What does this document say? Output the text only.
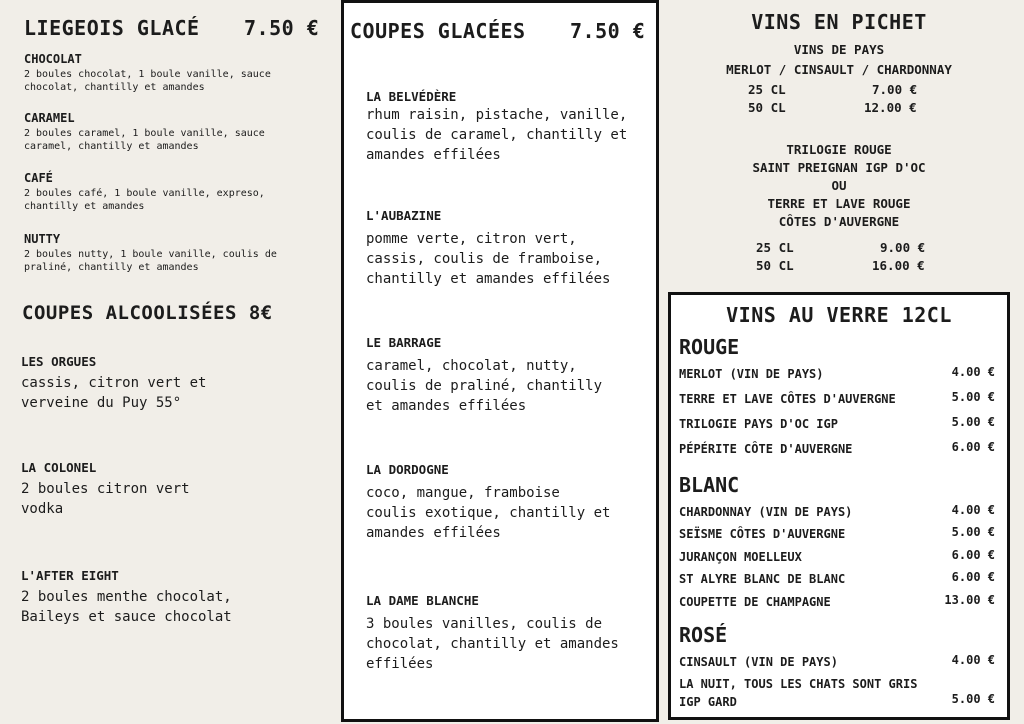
LIEGEOIS GLACÉ 7.50 €
CHOCOLAT
2 boules chocolat, 1 boule vanille, sauce chocolat, chantilly et amandes
CARAMEL
2 boules caramel, 1 boule vanille, sauce caramel, chantilly et amandes
CAFÉ
2 boules café, 1 boule vanille, expreso, chantilly et amandes
NUTTY
2 boules nutty, 1 boule vanille, coulis de praliné, chantilly et amandes
COUPES ALCOOLISÉES 8€
LES ORGUES
cassis, citron vert et verveine du Puy 55°
LA COLONEL
2 boules citron vert vodka
L'AFTER EIGHT
2 boules menthe chocolat, Baileys et sauce chocolat
COUPES GLACÉES 7.50 €
LA BELVÉDÈRE
rhum raisin, pistache, vanille, coulis de caramel, chantilly et amandes effilées
L'AUBAZINE
pomme verte, citron vert, cassis, coulis de framboise, chantilly et amandes effilées
LE BARRAGE
caramel, chocolat, nutty, coulis de praliné, chantilly et amandes effilées
LA DORDOGNE
coco, mangue, framboise coulis exotique, chantilly et amandes effilées
LA DAME BLANCHE
3 boules vanilles, coulis de chocolat, chantilly et amandes effilées
VINS EN PICHET
VINS DE PAYS
MERLOT / CINSAULT / CHARDONNAY
25 CL	7.00 €
50 CL	12.00 €
TRILOGIE ROUGE
SAINT PREIGNAN IGP D'OC
OU
TERRE ET LAVE ROUGE
CÔTES D'AUVERGNE
25 CL	9.00 €
50 CL	16.00 €
VINS AU VERRE 12CL
ROUGE
MERLOT (VIN DE PAYS)	4.00 €
TERRE ET LAVE CÔTES D'AUVERGNE	5.00 €
TRILOGIE PAYS D'OC IGP	5.00 €
PÉPÉRITE CÔTE D'AUVERGNE	6.00 €
BLANC
CHARDONNAY (VIN DE PAYS)	4.00 €
SEÏSME CÔTES D'AUVERGNE	5.00 €
JURANÇON MOELLEUX	6.00 €
ST ALYRE BLANC DE BLANC	6.00 €
COUPETTE DE CHAMPAGNE	13.00 €
ROSÉ
CINSAULT (VIN DE PAYS)	4.00 €
LA NUIT, TOUS LES CHATS SONT GRIS IGP GARD	5.00 €
